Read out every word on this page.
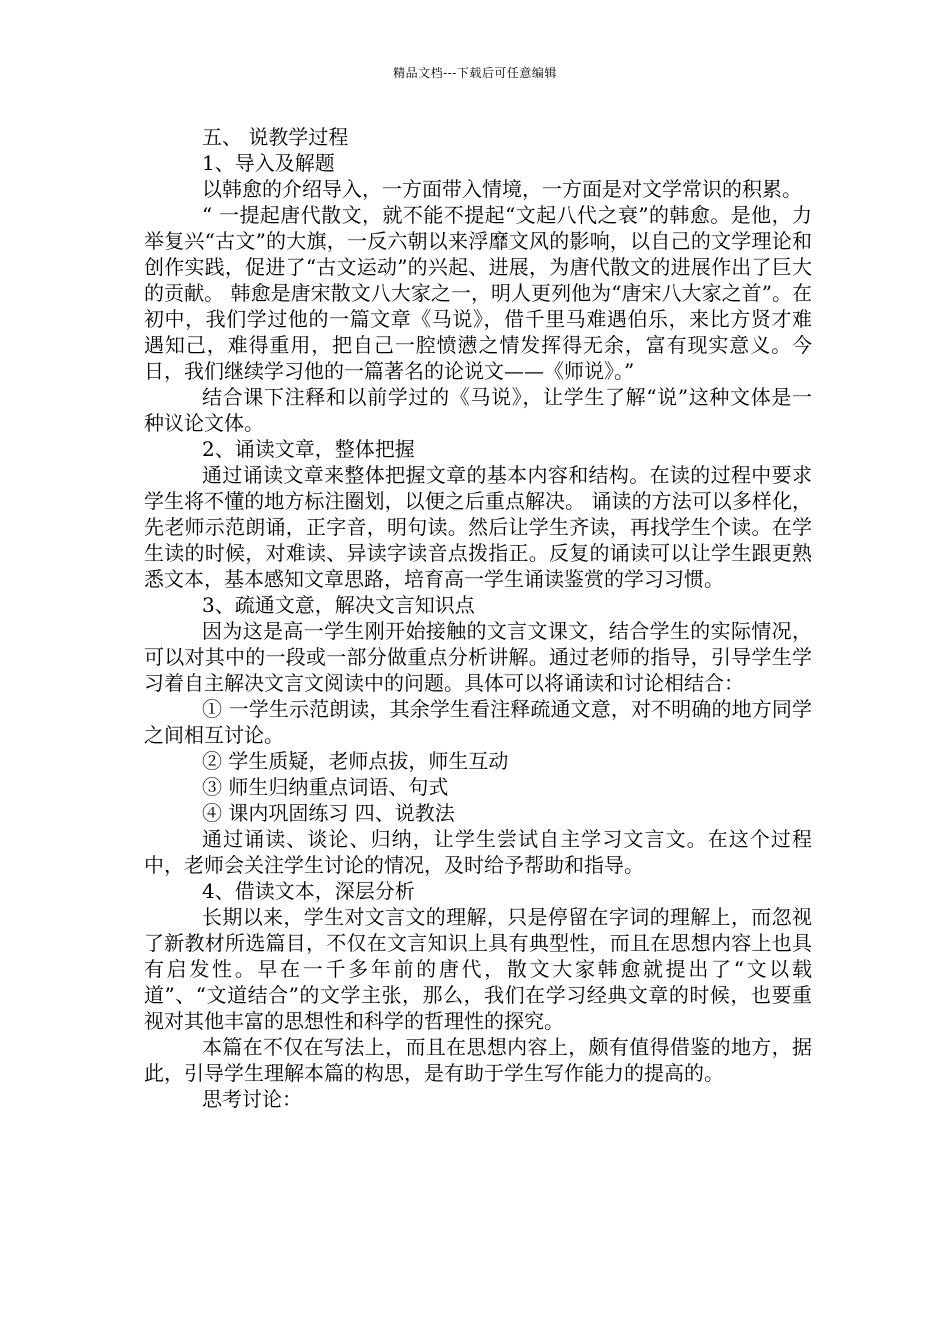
精品文档---下载后可任意编辑

五、 说教学过程

1、导入及解题

以韩愈的介绍导入，一方面带入情境，一方面是对文学常识的积累。

“ 一提起唐代散文，就不能不提起“文起八代之衰”的韩愈。是他，力举复兴“古文”的大旗，一反六朝以来浮靡文风的影响，以自己的文学理论和创作实践，促进了“古文运动”的兴起、进展，为唐代散文的进展作出了巨大的贡献。 韩愈是唐宋散文八大家之一，明人更列他为“唐宋八大家之首”。在初中，我们学过他的一篇文章《马说》，借千里马难遇伯乐，来比方贤才难遇知己，难得重用，把自己一腔愤懑之情发挥得无余，富有现实意义。今日，我们继续学习他的一篇著名的论说文——《师说》。”

结合课下注释和以前学过的《马说》，让学生了解“说”这种文体是一种议论文体。

2、诵读文章，整体把握

通过诵读文章来整体把握文章的基本内容和结构。在读的过程中要求学生将不懂的地方标注圈划，以便之后重点解决。 诵读的方法可以多样化，先老师示范朗诵，正字音，明句读。然后让学生齐读，再找学生个读。在学生读的时候，对难读、异读字读音点拨指正。反复的诵读可以让学生跟更熟悉文本，基本感知文章思路，培育高一学生诵读鉴赏的学习习惯。

3、疏通文意，解决文言知识点

因为这是高一学生刚开始接触的文言文课文，结合学生的实际情况，可以对其中的一段或一部分做重点分析讲解。通过老师的指导，引导学生学习着自主解决文言文阅读中的问题。具体可以将诵读和讨论相结合：

① 一学生示范朗读，其余学生看注释疏通文意，对不明确的地方同学之间相互讨论。

② 学生质疑，老师点拔，师生互动

③ 师生归纳重点词语、句式

④ 课内巩固练习 四、说教法

通过诵读、谈论、归纳，让学生尝试自主学习文言文。在这个过程中，老师会关注学生讨论的情况，及时给予帮助和指导。

4、借读文本，深层分析

长期以来，学生对文言文的理解，只是停留在字词的理解上，而忽视了新教材所选篇目，不仅在文言知识上具有典型性，而且在思想内容上也具有启发性。早在一千多年前的唐代，散文大家韩愈就提出了“文以载道”、“文道结合”的文学主张，那么，我们在学习经典文章的时候，也要重视对其他丰富的思想性和科学的哲理性的探究。

本篇在不仅在写法上，而且在思想内容上，颇有值得借鉴的地方，据此，引导学生理解本篇的构思，是有助于学生写作能力的提高的。

思考讨论：
